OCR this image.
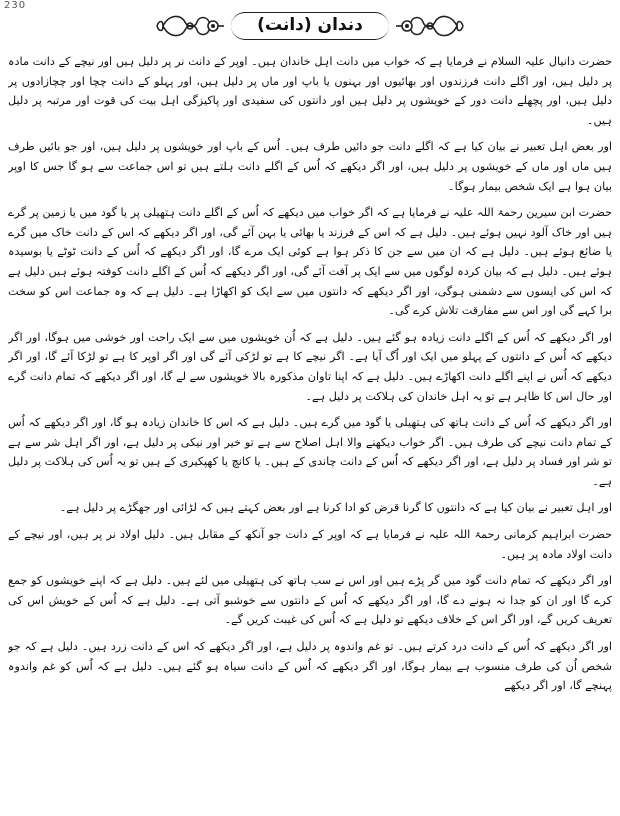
230
دندان (دانت)

حضرت دانیال علیہ السلام نے فرمایا ہے کہ خواب میں دانت اہل خاندان ہیں۔ اوپر کے دانت نر پر دلیل ہیں اور نیچے کے دانت مادہ پر دلیل ہیں، اور اگلے دانت فرزندوں اور بھائیوں اور بہنوں یا باپ اور ماں پر دلیل ہیں، اور پہلو کے دانت چچا اور چچازادوں پر دلیل ہیں، اور پچھلے دانت دور کے خویشوں پر دلیل ہیں اور دانتوں کی سفیدی اور پاکیزگی اہل بیت کی قوت اور مرتبہ پر دلیل ہیں۔

اور بعض اہل تعبیر نے بیان کیا ہے کہ اگلے دانت جو دائیں طرف ہیں۔ اُس کے باپ اور خویشوں پر دلیل ہیں، اور جو بائیں طرف ہیں ماں اور ماں کے خویشوں پر دلیل ہیں، اور اگر دیکھے کہ اُس کے اگلے دانت ہلتے ہیں تو اس جماعت سے ہو گا جس کا اوپر بیان ہوا ہے ایک شخص بیمار ہوگا۔

حضرت ابن سیرین رحمۃ اللہ علیہ نے فرمایا ہے کہ اگر خواب میں دیکھے کہ اُس کے اگلے دانت ہتھیلی پر یا گود میں یا زمین پر گرے ہیں اور خاک آلود نہیں ہوئے ہیں۔ دلیل ہے کہ اس کے فرزند یا بھائی یا بہن آئے گی، اور اگر دیکھے کہ اس کے دانت خاک میں گرے یا ضائع ہوئے ہیں۔ دلیل ہے کہ ان میں سے جن کا ذکر ہوا ہے کوئی ایک مرے گا، اور اگر دیکھے کہ اُس کے دانت ٹوٹے یا بوسیدہ ہوئے ہیں۔ دلیل ہے کہ بیان کردہ لوگوں میں سے ایک پر آفت آئے گی، اور اگر دیکھے کہ اُس کے اگلے دانت کوفتہ ہوئے ہیں دلیل ہے کہ اس کی ایسوں سے دشمنی ہوگی، اور اگر دیکھے کہ دانتوں میں سے ایک کو اکھاڑا ہے۔ دلیل ہے کہ وہ جماعت اس کو سخت برا کہے گی اور اس سے مفارقت تلاش کرے گی۔

اور اگر دیکھے کہ اُس کے اگلے دانت زیادہ ہو گئے ہیں۔ دلیل ہے کہ اُن خویشوں میں سے ایک راحت اور خوشی میں ہوگا، اور اگر دیکھے کہ اُس کے دانتوں کے پہلو میں ایک اور اُگ آیا ہے۔ اگر نیچے کا ہے تو لڑکی آئے گی اور اگر اوپر کا ہے تو لڑکا آئے گا، اور اگر دیکھے کہ اُس نے اپنے اگلے دانت اکھاڑے ہیں۔ دلیل ہے کہ اپنا تاوان مذکورہ بالا خویشوں سے لے گا، اور اگر دیکھے کہ تمام دانت گرے اور حال اس کا ظاہر ہے تو یہ اہل خاندان کی ہلاکت پر دلیل ہے۔

اور اگر دیکھے کہ اُس کے دانت ہاتھ کی ہتھیلی یا گود میں گرے ہیں۔ دلیل ہے کہ اس کا خاندان زیادہ ہو گا، اور اگر دیکھے کہ اُس کے تمام دانت نیچے کی طرف ہیں۔ اگر خواب دیکھنے والا اہل اصلاح سے ہے تو خیر اور نیکی پر دلیل ہے، اور اگر اہل شر سے ہے تو شر اور فساد پر دلیل ہے، اور اگر دیکھے کہ اُس کے دانت چاندی کے ہیں۔ یا کانچ یا کھپکیری کے ہیں تو یہ اُس کی ہلاکت پر دلیل ہے۔

اور اہل تعبیر نے بیان کیا ہے کہ دانتوں کا گرنا قرض کو ادا کرنا ہے اور بعض کہتے ہیں کہ لڑائی اور جھگڑے پر دلیل ہے۔

حضرت ابراہیم کرمانی رحمۃ اللہ علیہ نے فرمایا ہے کہ اوپر کے دانت جو آنکھ کے مقابل ہیں۔ دلیل اولاد نر پر ہیں، اور نیچے کے دانت اولاد مادہ پر ہیں۔

اور اگر دیکھے کہ تمام دانت گود میں گر پڑے ہیں اور اس نے سب ہاتھ کی ہتھیلی میں لئے ہیں۔ دلیل ہے کہ اپنے خویشوں کو جمع کرے گا اور ان کو جدا نہ ہونے دے گا، اور اگر دیکھے کہ اُس کے دانتوں سے خوشبو آتی ہے۔ دلیل ہے کہ اُس کے خویش اس کی تعریف کریں گے، اور اگر اس کے خلاف دیکھے تو دلیل ہے کہ اُس کی غیبت کریں گے۔

اور اگر دیکھے کہ اُس کے دانت درد کرتے ہیں۔ تو غم واندوہ پر دلیل ہے، اور اگر دیکھے کہ اس کے دانت زرد ہیں۔ دلیل ہے کہ جو شخص اُن کی طرف منسوب ہے بیمار ہوگا، اور اگر دیکھے کہ اُس کے دانت سیاہ ہو گئے ہیں۔ دلیل ہے کہ اُس کو غم واندوہ پہنچے گا، اور اگر دیکھے
